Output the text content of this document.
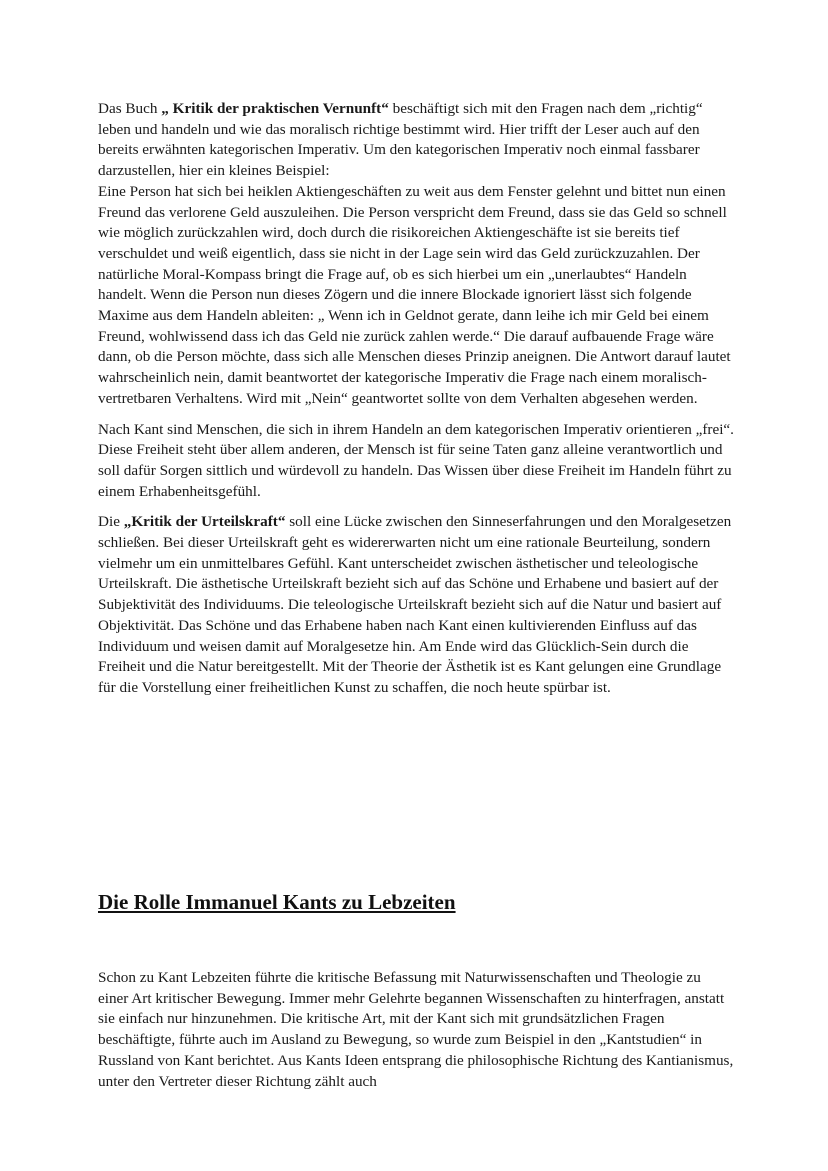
Das Buch „ Kritik der praktischen Vernunft“ beschäftigt sich mit den Fragen nach dem „richtig“ leben und handeln und wie das moralisch richtige bestimmt wird. Hier trifft der Leser auch auf den bereits erwähnten kategorischen Imperativ. Um den kategorischen Imperativ noch einmal fassbarer darzustellen, hier ein kleines Beispiel:
Eine Person hat sich bei heiklen Aktiengeschäften zu weit aus dem Fenster gelehnt und bittet nun einen Freund das verlorene Geld auszuleihen. Die Person verspricht dem Freund, dass sie das Geld so schnell wie möglich zurückzahlen wird, doch durch die risikoreichen Aktiengeschäfte ist sie bereits tief verschuldet und weiß eigentlich, dass sie nicht in der Lage sein wird das Geld zurückzuzahlen. Der natürliche Moral-Kompass bringt die Frage auf, ob es sich hierbei um ein „unerlaubtes“ Handeln handelt. Wenn die Person nun dieses Zögern und die innere Blockade ignoriert lässt sich folgende Maxime aus dem Handeln ableiten: „ Wenn ich in Geldnot gerate, dann leihe ich mir Geld bei einem Freund, wohlwissend dass ich das Geld nie zurück zahlen werde.“ Die darauf aufbauende Frage wäre dann, ob die Person möchte, dass sich alle Menschen dieses Prinzip aneignen. Die Antwort darauf lautet wahrscheinlich nein, damit beantwortet der kategorische Imperativ die Frage nach einem moralisch- vertretbaren Verhaltens. Wird mit „Nein“ geantwortet sollte von dem Verhalten abgesehen werden.

Nach Kant sind Menschen, die sich in ihrem Handeln an dem kategorischen Imperativ orientieren „frei“. Diese Freiheit steht über allem anderen, der Mensch ist für seine Taten ganz alleine verantwortlich und soll dafür Sorgen sittlich und würdevoll zu handeln. Das Wissen über diese Freiheit im Handeln führt zu einem Erhabenheitsgefühl.

Die „Kritik der Urteilskraft“ soll eine Lücke zwischen den Sinneserfahrungen und den Moralgesetzen schließen. Bei dieser Urteilskraft geht es widererwarten nicht um eine rationale Beurteilung, sondern vielmehr um ein unmittelbares Gefühl. Kant unterscheidet zwischen ästhetischer und teleologische Urteilskraft. Die ästhetische Urteilskraft bezieht sich auf das Schöne und Erhabene und basiert auf der Subjektivität des Individuums. Die teleologische Urteilskraft bezieht sich auf die Natur und basiert auf Objektivität. Das Schöne und das Erhabene haben nach Kant einen kultivierenden Einfluss auf das Individuum und weisen damit auf Moralgesetze hin. Am Ende wird das Glücklich-Sein durch die Freiheit und die Natur bereitgestellt. Mit der Theorie der Ästhetik ist es Kant gelungen eine Grundlage für die Vorstellung einer freiheitlichen Kunst zu schaffen, die noch heute spürbar ist.

Die Rolle Immanuel Kants zu Lebzeiten

Schon zu Kant Lebzeiten führte die kritische Befassung mit Naturwissenschaften und Theologie zu einer Art kritischer Bewegung. Immer mehr Gelehrte begannen Wissenschaften zu hinterfragen, anstatt sie einfach nur hinzunehmen. Die kritische Art, mit der Kant sich mit grundsätzlichen Fragen beschäftigte, führte auch im Ausland zu Bewegung, so wurde zum Beispiel in den „Kantstudien“ in Russland von Kant berichtet. Aus Kants Ideen entsprang die philosophische Richtung des Kantianismus, unter den Vertreter dieser Richtung zählt auch
